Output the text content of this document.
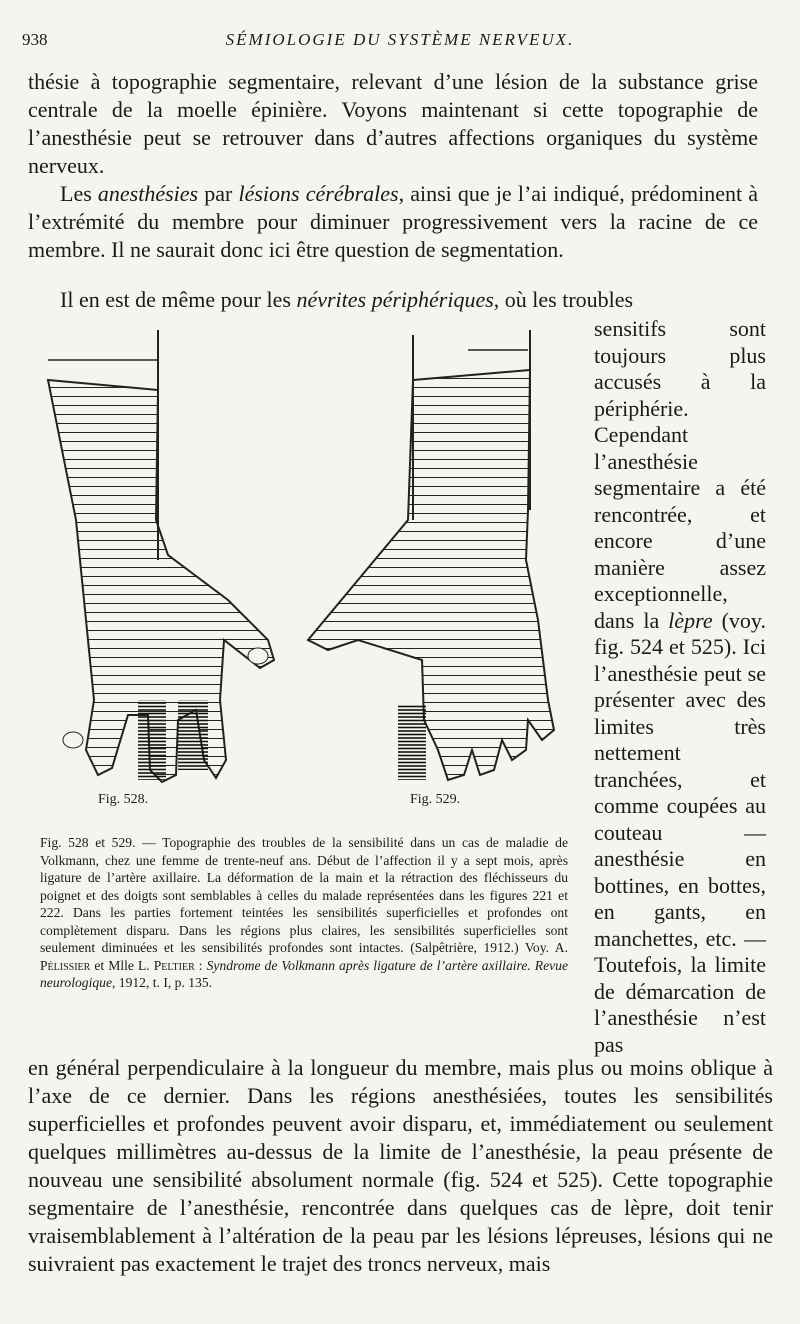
938	SÉMIOLOGIE DU SYSTÈME NERVEUX.

thésie à topographie segmentaire, relevant d’une lésion de la substance grise centrale de la moelle épinière. Voyons maintenant si cette topographie de l’anesthésie peut se retrouver dans d’autres affections organiques du système nerveux.

Les anesthésies par lésions cérébrales, ainsi que je l’ai indiqué, prédominent à l’extrémité du membre pour diminuer progressivement vers la racine de ce membre. Il ne saurait donc ici être question de segmentation.

Il en est de même pour les névrites périphériques, où les troubles

Fig. 528.	Fig. 529.

sensitifs sont toujours plus accusés à la périphérie. Cependant l’anesthésie segmentaire a été rencontrée, et encore d’une manière assez exceptionnelle, dans la lèpre (voy. fig. 524 et 525). Ici l’anesthésie peut se présenter avec des limites très nettement tranchées, et comme coupées au couteau — anesthésie en bottines, en bottes, en gants, en manchettes, etc. — Toutefois, la limite de démarcation de l’anesthésie n’est pas

Fig. 528 et 529. — Topographie des troubles de la sensibilité dans un cas de maladie de Volkmann, chez une femme de trente-neuf ans. Début de l’affection il y a sept mois, après ligature de l’artère axillaire. La déformation de la main et la rétraction des fléchisseurs du poignet et des doigts sont semblables à celles du malade représentées dans les figures 221 et 222. Dans les parties fortement teintées les sensibilités superficielles et profondes ont complètement disparu. Dans les régions plus claires, les sensibilités superficielles sont seulement diminuées et les sensibilités profondes sont intactes. (Salpêtrière, 1912.) Voy. A. Pélissier et Mlle L. Peltier : Syndrome de Volkmann après ligature de l’artère axillaire. Revue neurologique, 1912, t. I, p. 135.

en général perpendiculaire à la longueur du membre, mais plus ou moins oblique à l’axe de ce dernier. Dans les régions anesthésiées, toutes les sensibilités superficielles et profondes peuvent avoir disparu, et, immédiatement ou seulement quelques millimètres au-dessus de la limite de l’anesthésie, la peau présente de nouveau une sensibilité absolument normale (fig. 524 et 525). Cette topographie segmentaire de l’anesthésie, rencontrée dans quelques cas de lèpre, doit tenir vraisemblablement à l’altération de la peau par les lésions lépreuses, lésions qui ne suivraient pas exactement le trajet des troncs nerveux, mais
